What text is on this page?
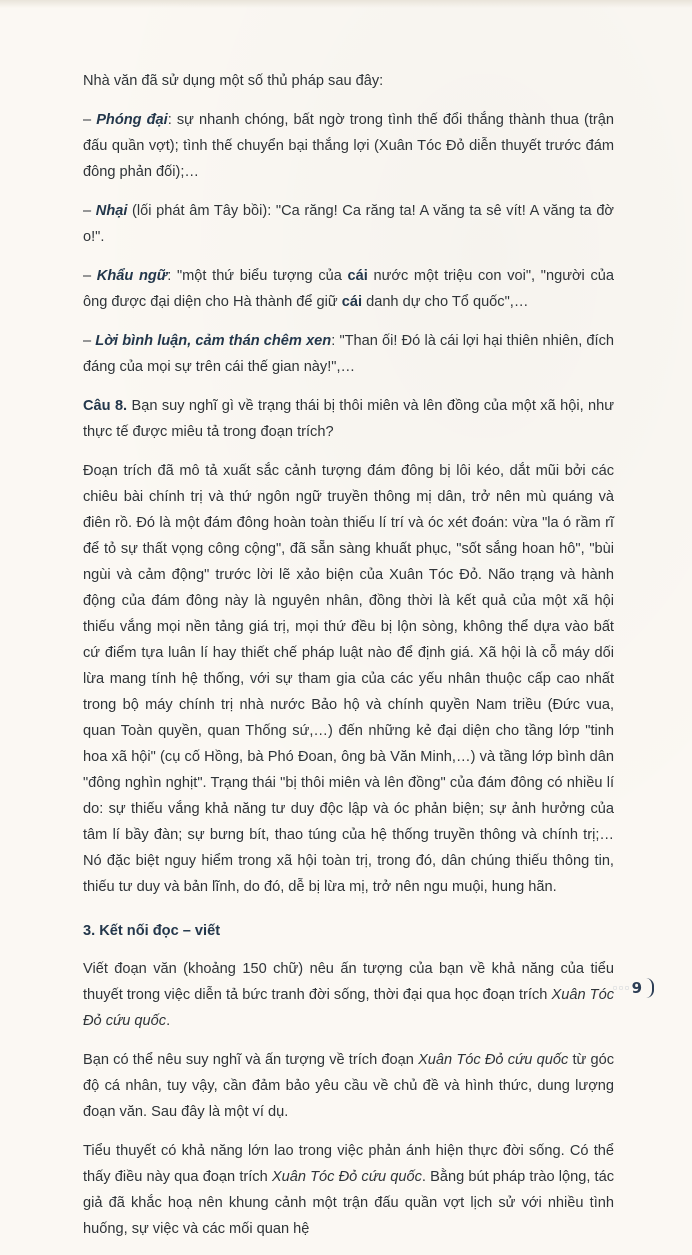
Nhà văn đã sử dụng một số thủ pháp sau đây:

– Phóng đại: sự nhanh chóng, bất ngờ trong tình thế đổi thắng thành thua (trận đấu quần vợt); tình thế chuyển bại thắng lợi (Xuân Tóc Đỏ diễn thuyết trước đám đông phản đối);…

– Nhại (lối phát âm Tây bồi): "Ca răng! Ca răng ta! A văng ta sê vít! A văng ta đờ o!".

– Khẩu ngữ: "một thứ biểu tượng của cái nước một triệu con voi", "người của ông được đại diện cho Hà thành để giữ cái danh dự cho Tổ quốc",…

– Lời bình luận, cảm thán chêm xen: "Than ối! Đó là cái lợi hại thiên nhiên, đích đáng của mọi sự trên cái thế gian này!",…

Câu 8. Bạn suy nghĩ gì về trạng thái bị thôi miên và lên đồng của một xã hội, như thực tế được miêu tả trong đoạn trích?

Đoạn trích đã mô tả xuất sắc cảnh tượng đám đông bị lôi kéo, dắt mũi bởi các chiêu bài chính trị và thứ ngôn ngữ truyền thông mị dân, trở nên mù quáng và điên rồ. Đó là một đám đông hoàn toàn thiếu lí trí và óc xét đoán: vừa "la ó rầm rĩ để tỏ sự thất vọng công cộng", đã sẵn sàng khuất phục, "sốt sắng hoan hô", "bùi ngùi và cảm động" trước lời lẽ xảo biện của Xuân Tóc Đỏ. Não trạng và hành động của đám đông này là nguyên nhân, đồng thời là kết quả của một xã hội thiếu vắng mọi nền tảng giá trị, mọi thứ đều bị lộn sòng, không thể dựa vào bất cứ điểm tựa luân lí hay thiết chế pháp luật nào để định giá. Xã hội là cỗ máy dối lừa mang tính hệ thống, với sự tham gia của các yếu nhân thuộc cấp cao nhất trong bộ máy chính trị nhà nước Bảo hộ và chính quyền Nam triều (Đức vua, quan Toàn quyền, quan Thống sứ,…) đến những kẻ đại diện cho tầng lớp "tinh hoa xã hội" (cụ cố Hồng, bà Phó Đoan, ông bà Văn Minh,…) và tầng lớp bình dân "đông nghìn nghịt". Trạng thái "bị thôi miên và lên đồng" của đám đông có nhiều lí do: sự thiếu vắng khả năng tư duy độc lập và óc phản biện; sự ảnh hưởng của tâm lí bầy đàn; sự bưng bít, thao túng của hệ thống truyền thông và chính trị;… Nó đặc biệt nguy hiểm trong xã hội toàn trị, trong đó, dân chúng thiếu thông tin, thiếu tư duy và bản lĩnh, do đó, dễ bị lừa mị, trở nên ngu muội, hung hãn.

3. Kết nối đọc – viết

Viết đoạn văn (khoảng 150 chữ) nêu ấn tượng của bạn về khả năng của tiểu thuyết trong việc diễn tả bức tranh đời sống, thời đại qua học đoạn trích Xuân Tóc Đỏ cứu quốc.

Bạn có thể nêu suy nghĩ và ấn tượng về trích đoạn Xuân Tóc Đỏ cứu quốc từ góc độ cá nhân, tuy vậy, cần đảm bảo yêu cầu về chủ đề và hình thức, dung lượng đoạn văn. Sau đây là một ví dụ.

Tiểu thuyết có khả năng lớn lao trong việc phản ánh hiện thực đời sống. Có thể thấy điều này qua đoạn trích Xuân Tóc Đỏ cứu quốc. Bằng bút pháp trào lộng, tác giả đã khắc hoạ nên khung cảnh một trận đấu quần vợt lịch sử với nhiều tình huống, sự việc và các mối quan hệ

◦◦◦ 9
